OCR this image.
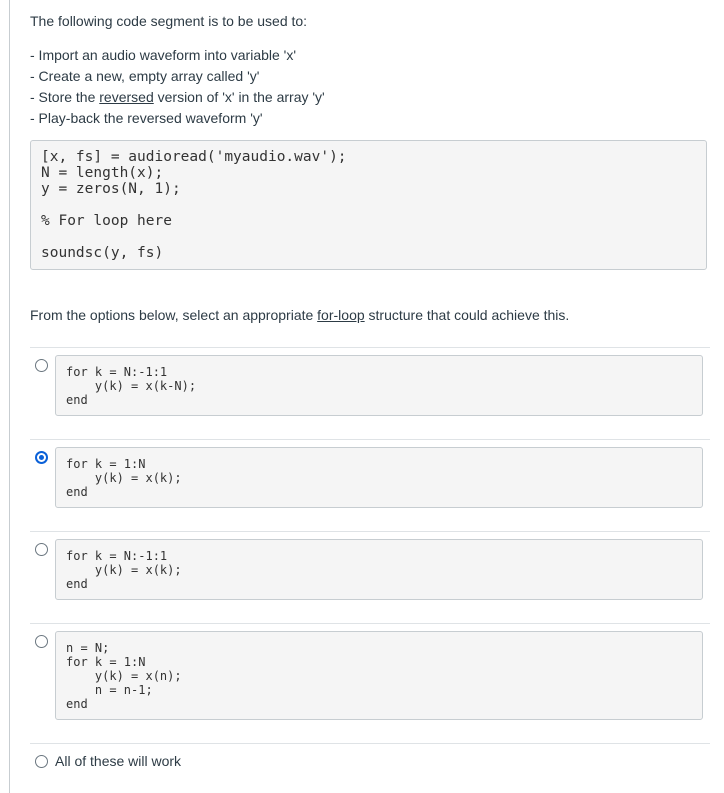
The following code segment is to be used to:
- Import an audio waveform into variable 'x'
- Create a new, empty array called 'y'
- Store the reversed version of 'x' in the array 'y'
- Play-back the reversed waveform 'y'
[x, fs] = audioread('myaudio.wav');
N = length(x);
y = zeros(N, 1);
% For loop here
soundsc(y, fs)
From the options below, select an appropriate for-loop structure that could achieve this.
for k = N:-1:1
y(k) = x(k-N);
end
for k = 1:N
y(k) = x(k);
end
for k = N:-1:1
y(k) = x(k);
end
n = N;
for k = 1:N
y(k) = x(n);
n = n-1;
end
All of these will work
